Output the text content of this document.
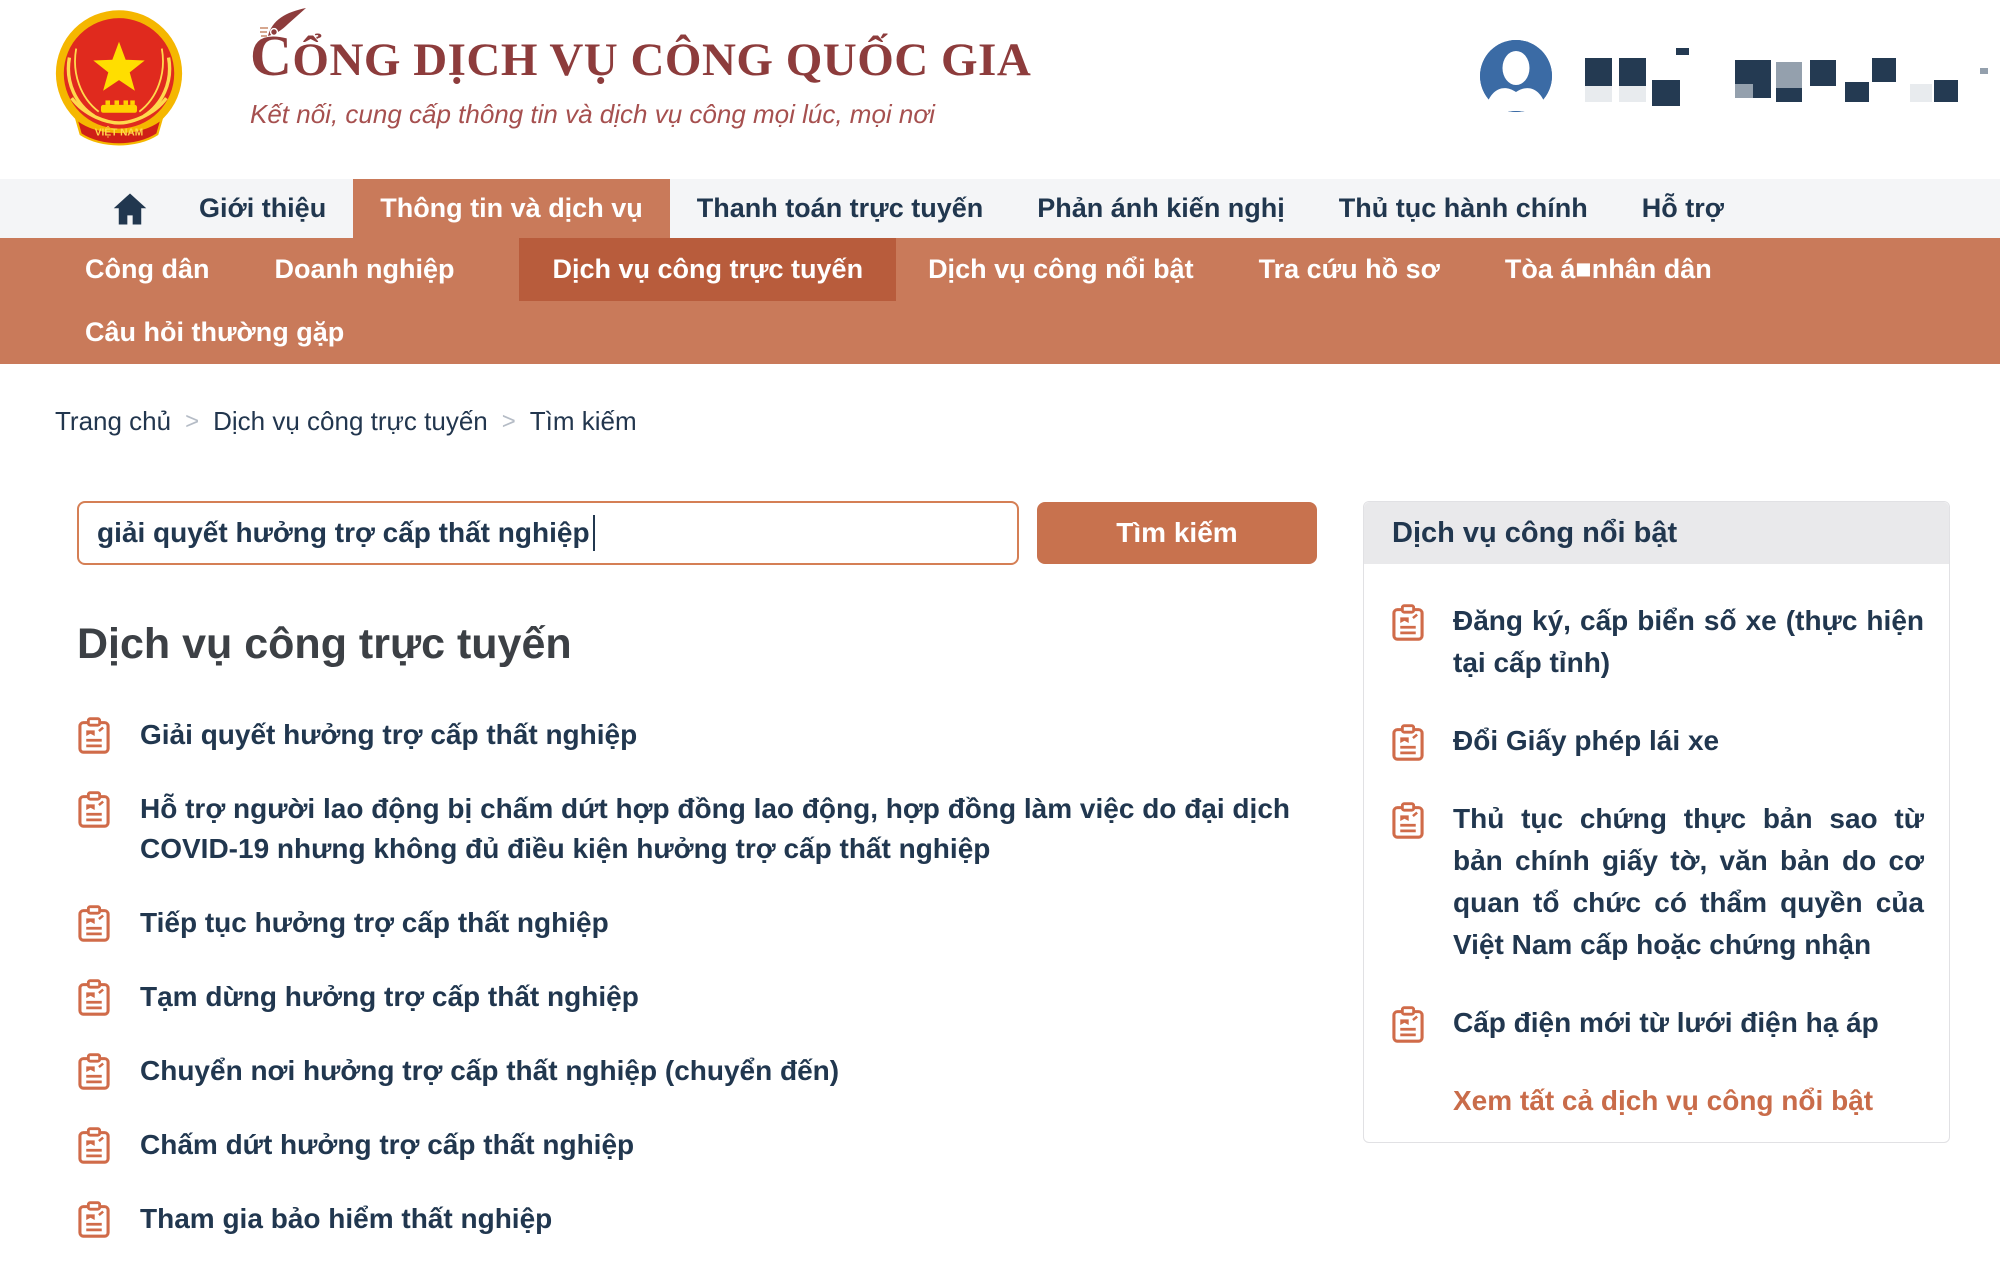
VIỆT NAM
CỔNG DỊCH VỤ CÔNG QUỐC GIA
Kết nối, cung cấp thông tin và dịch vụ công mọi lúc, mọi nơi
Giới thiệu	Thông tin và dịch vụ	Thanh toán trực tuyến	Phản ánh kiến nghị	Thủ tục hành chính	Hỗ trợ
Công dân Doanh nghiệp	Dịch vụ công trực tuyến	Dịch vụ công nổi bật Tra cứu hồ sơ Tòa á■nhân dân
Câu hỏi thường gặp
Trang chủ > Dịch vụ công trực tuyến > Tìm kiếm
giải quyết hưởng trợ cấp thất nghiệp	Tìm kiếm
Dịch vụ công trực tuyến
Giải quyết hưởng trợ cấp thất nghiệp
Hỗ trợ người lao động bị chấm dứt hợp đồng lao động, hợp đồng làm việc do đại dịch COVID-19 nhưng không đủ điều kiện hưởng trợ cấp thất nghiệp
Tiếp tục hưởng trợ cấp thất nghiệp
Tạm dừng hưởng trợ cấp thất nghiệp
Chuyển nơi hưởng trợ cấp thất nghiệp (chuyển đến)
Chấm dứt hưởng trợ cấp thất nghiệp
Tham gia bảo hiểm thất nghiệp
Dịch vụ công nổi bật
Đăng ký, cấp biển số xe (thực hiện tại cấp tỉnh)
Đổi Giấy phép lái xe
Thủ tục chứng thực bản sao từ bản chính giấy tờ, văn bản do cơ quan tổ chức có thẩm quyền của Việt Nam cấp hoặc chứng nhận
Cấp điện mới từ lưới điện hạ áp
Xem tất cả dịch vụ công nổi bật
